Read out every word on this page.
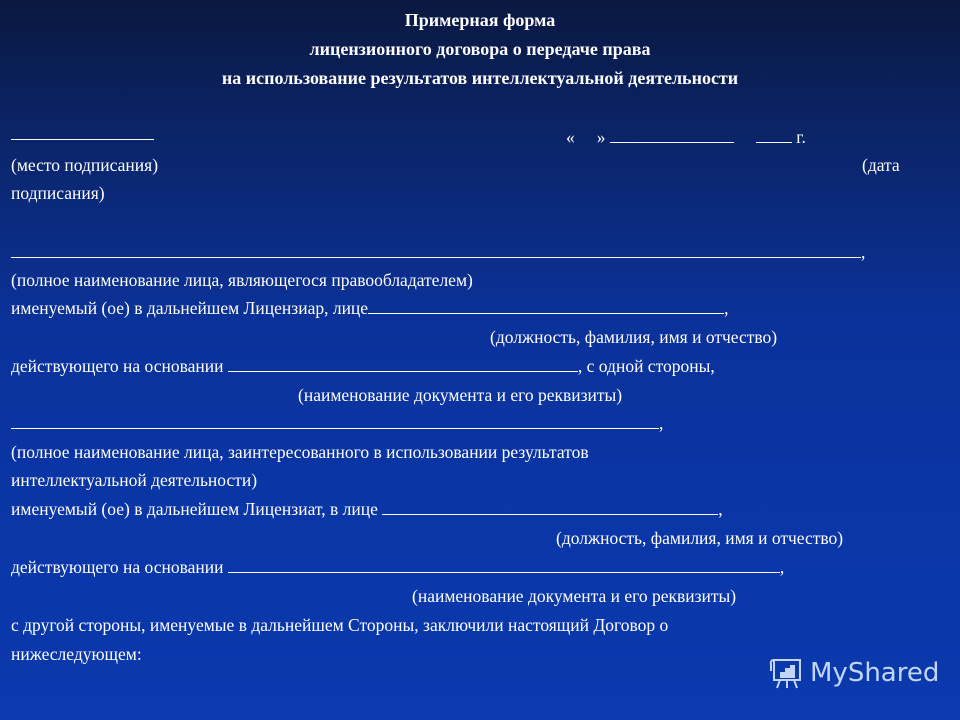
Примерная форма
лицензионного договора о передаче права
на использование результатов интеллектуальной деятельности
« »	г.
(место подписания)	(дата
подписания)
,
(полное наименование лица, являющегося правообладателем)
именуемый (ое) в дальнейшем Лицензиар, лице	,
(должность, фамилия, имя и отчество)
действующего на основании	, с одной стороны,
(наименование документа и его реквизиты)
,
(полное наименование лица, заинтересованного в использовании результатов
интеллектуальной деятельности)
именуемый (ое) в дальнейшем Лицензиат, в лице	,
(должность, фамилия, имя и отчество)
действующего на основании	,
(наименование документа и его реквизиты)
с другой стороны, именуемые в дальнейшем Стороны, заключили настоящий Договор о
нижеследующем:
MyShared
